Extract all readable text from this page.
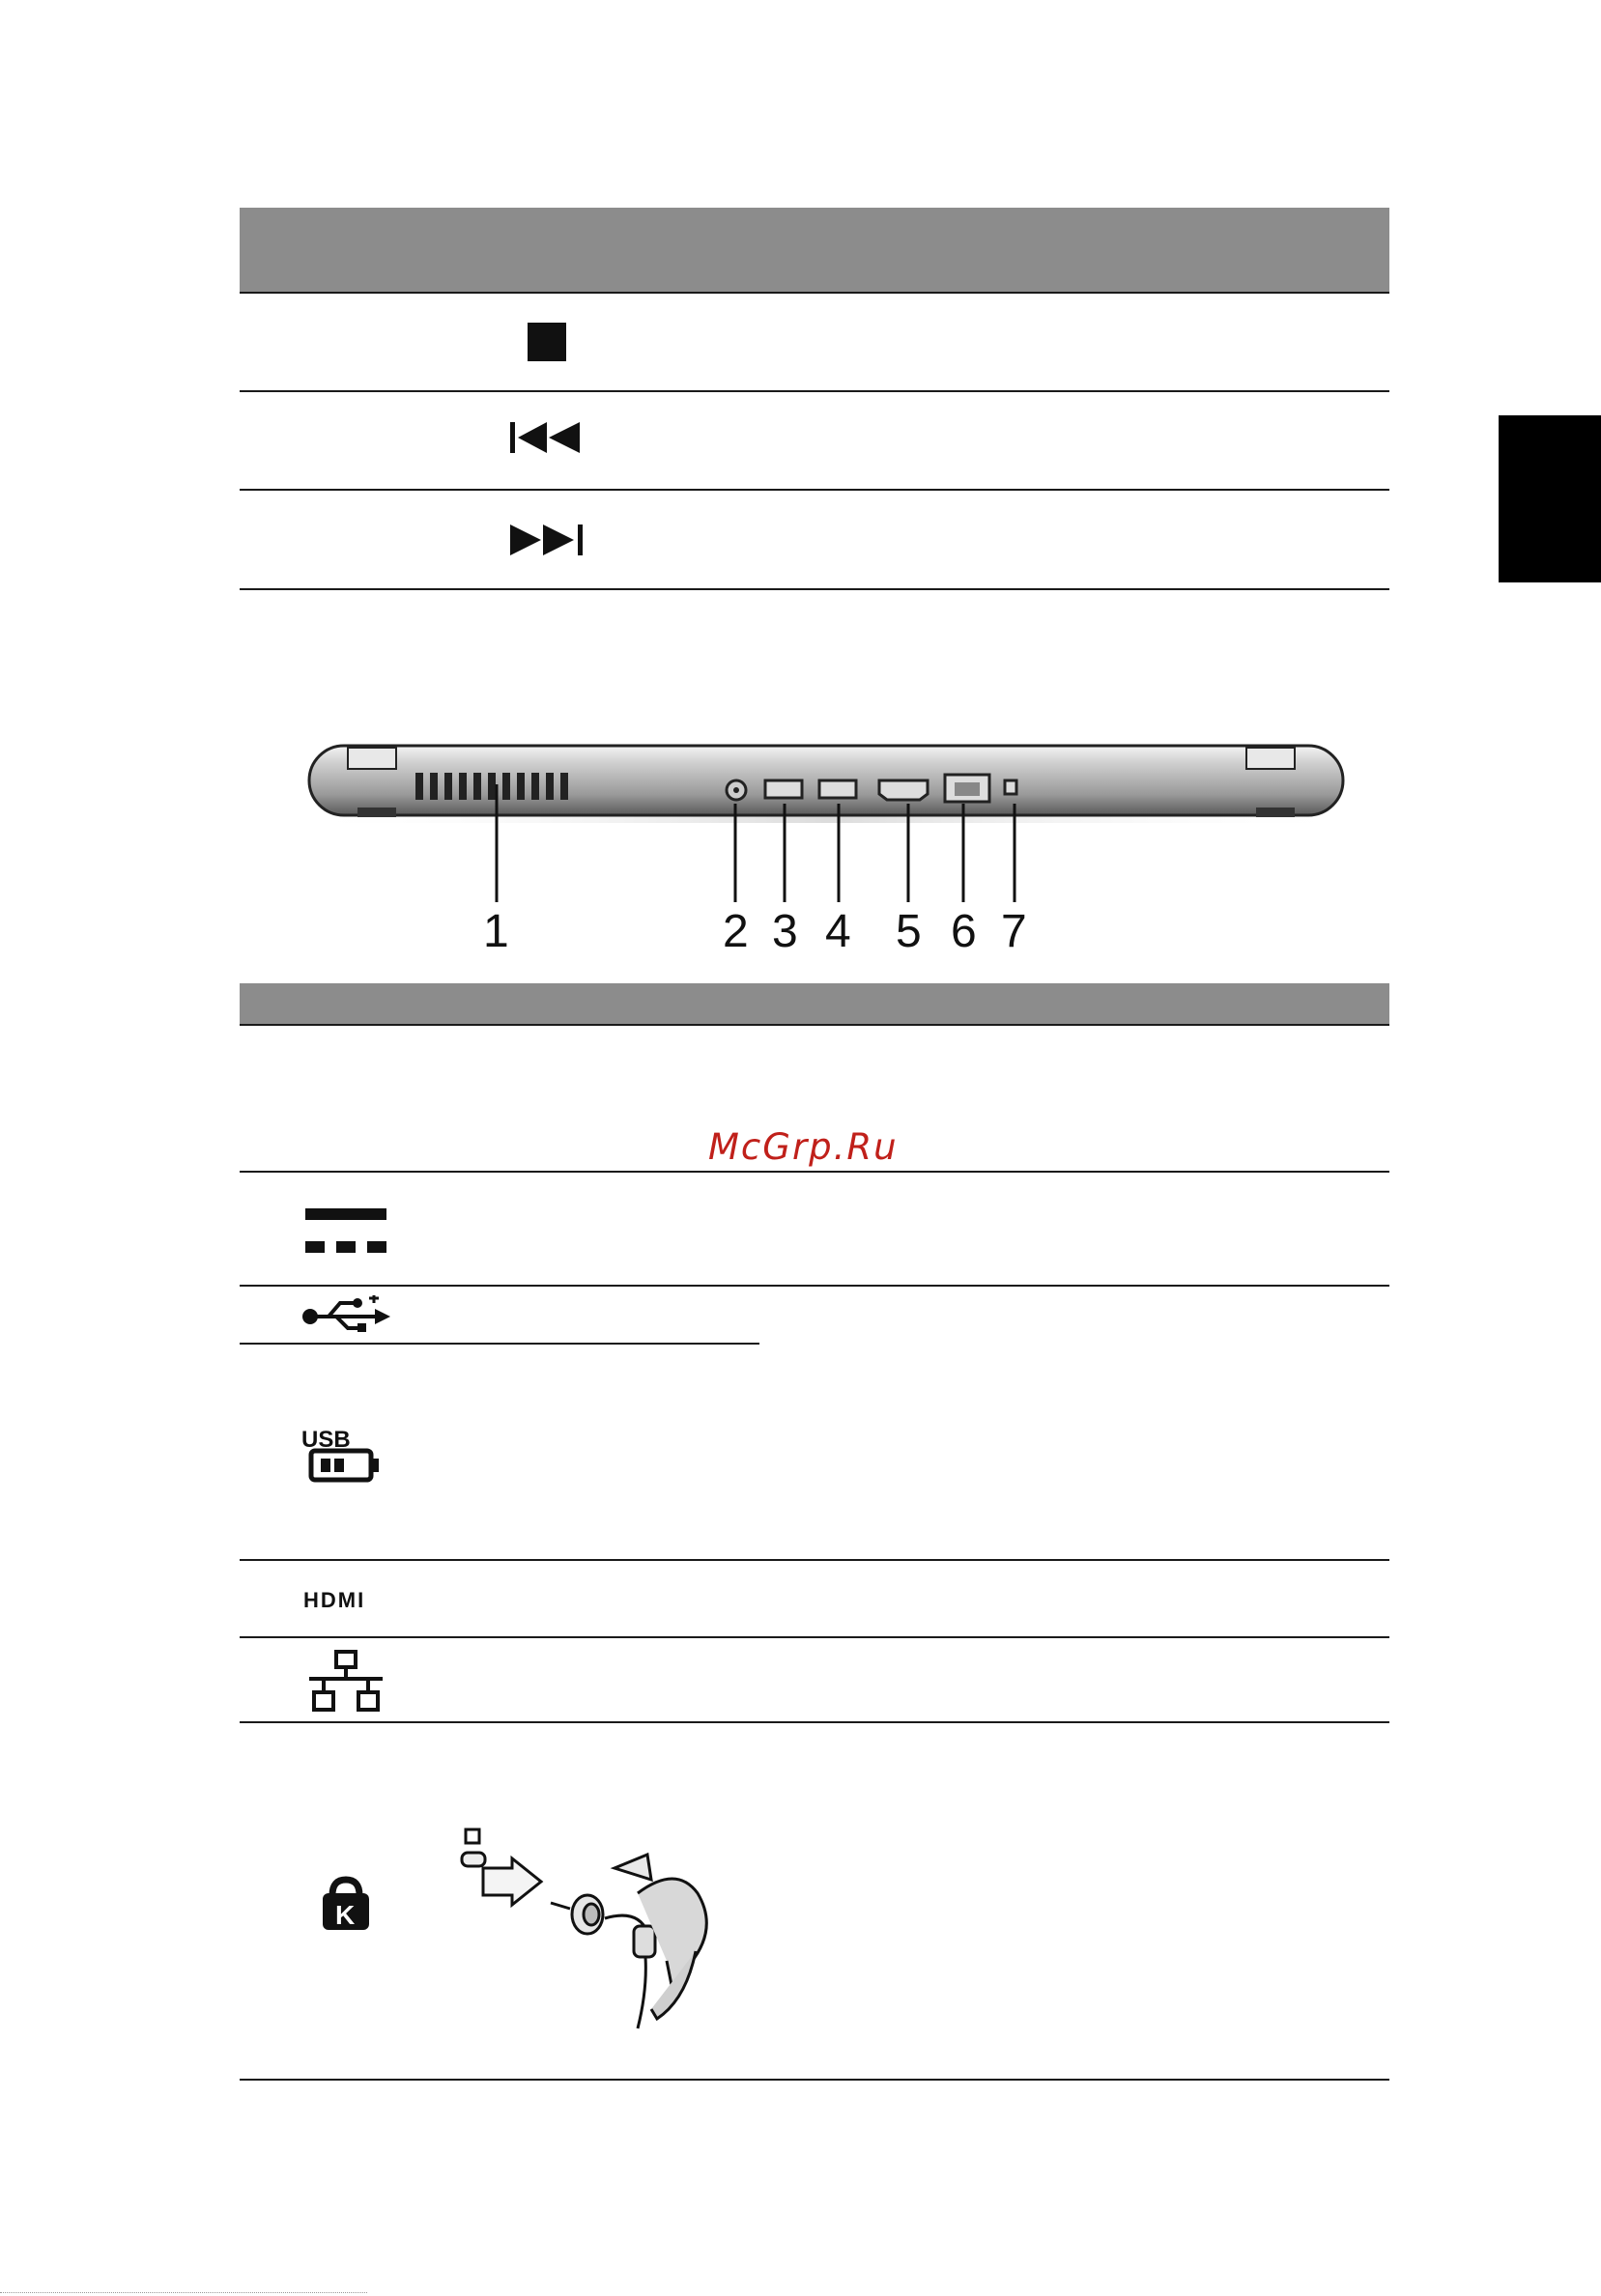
1	2 3 4 5 6 7
McGrp.Ru
USB
HDMI
K
